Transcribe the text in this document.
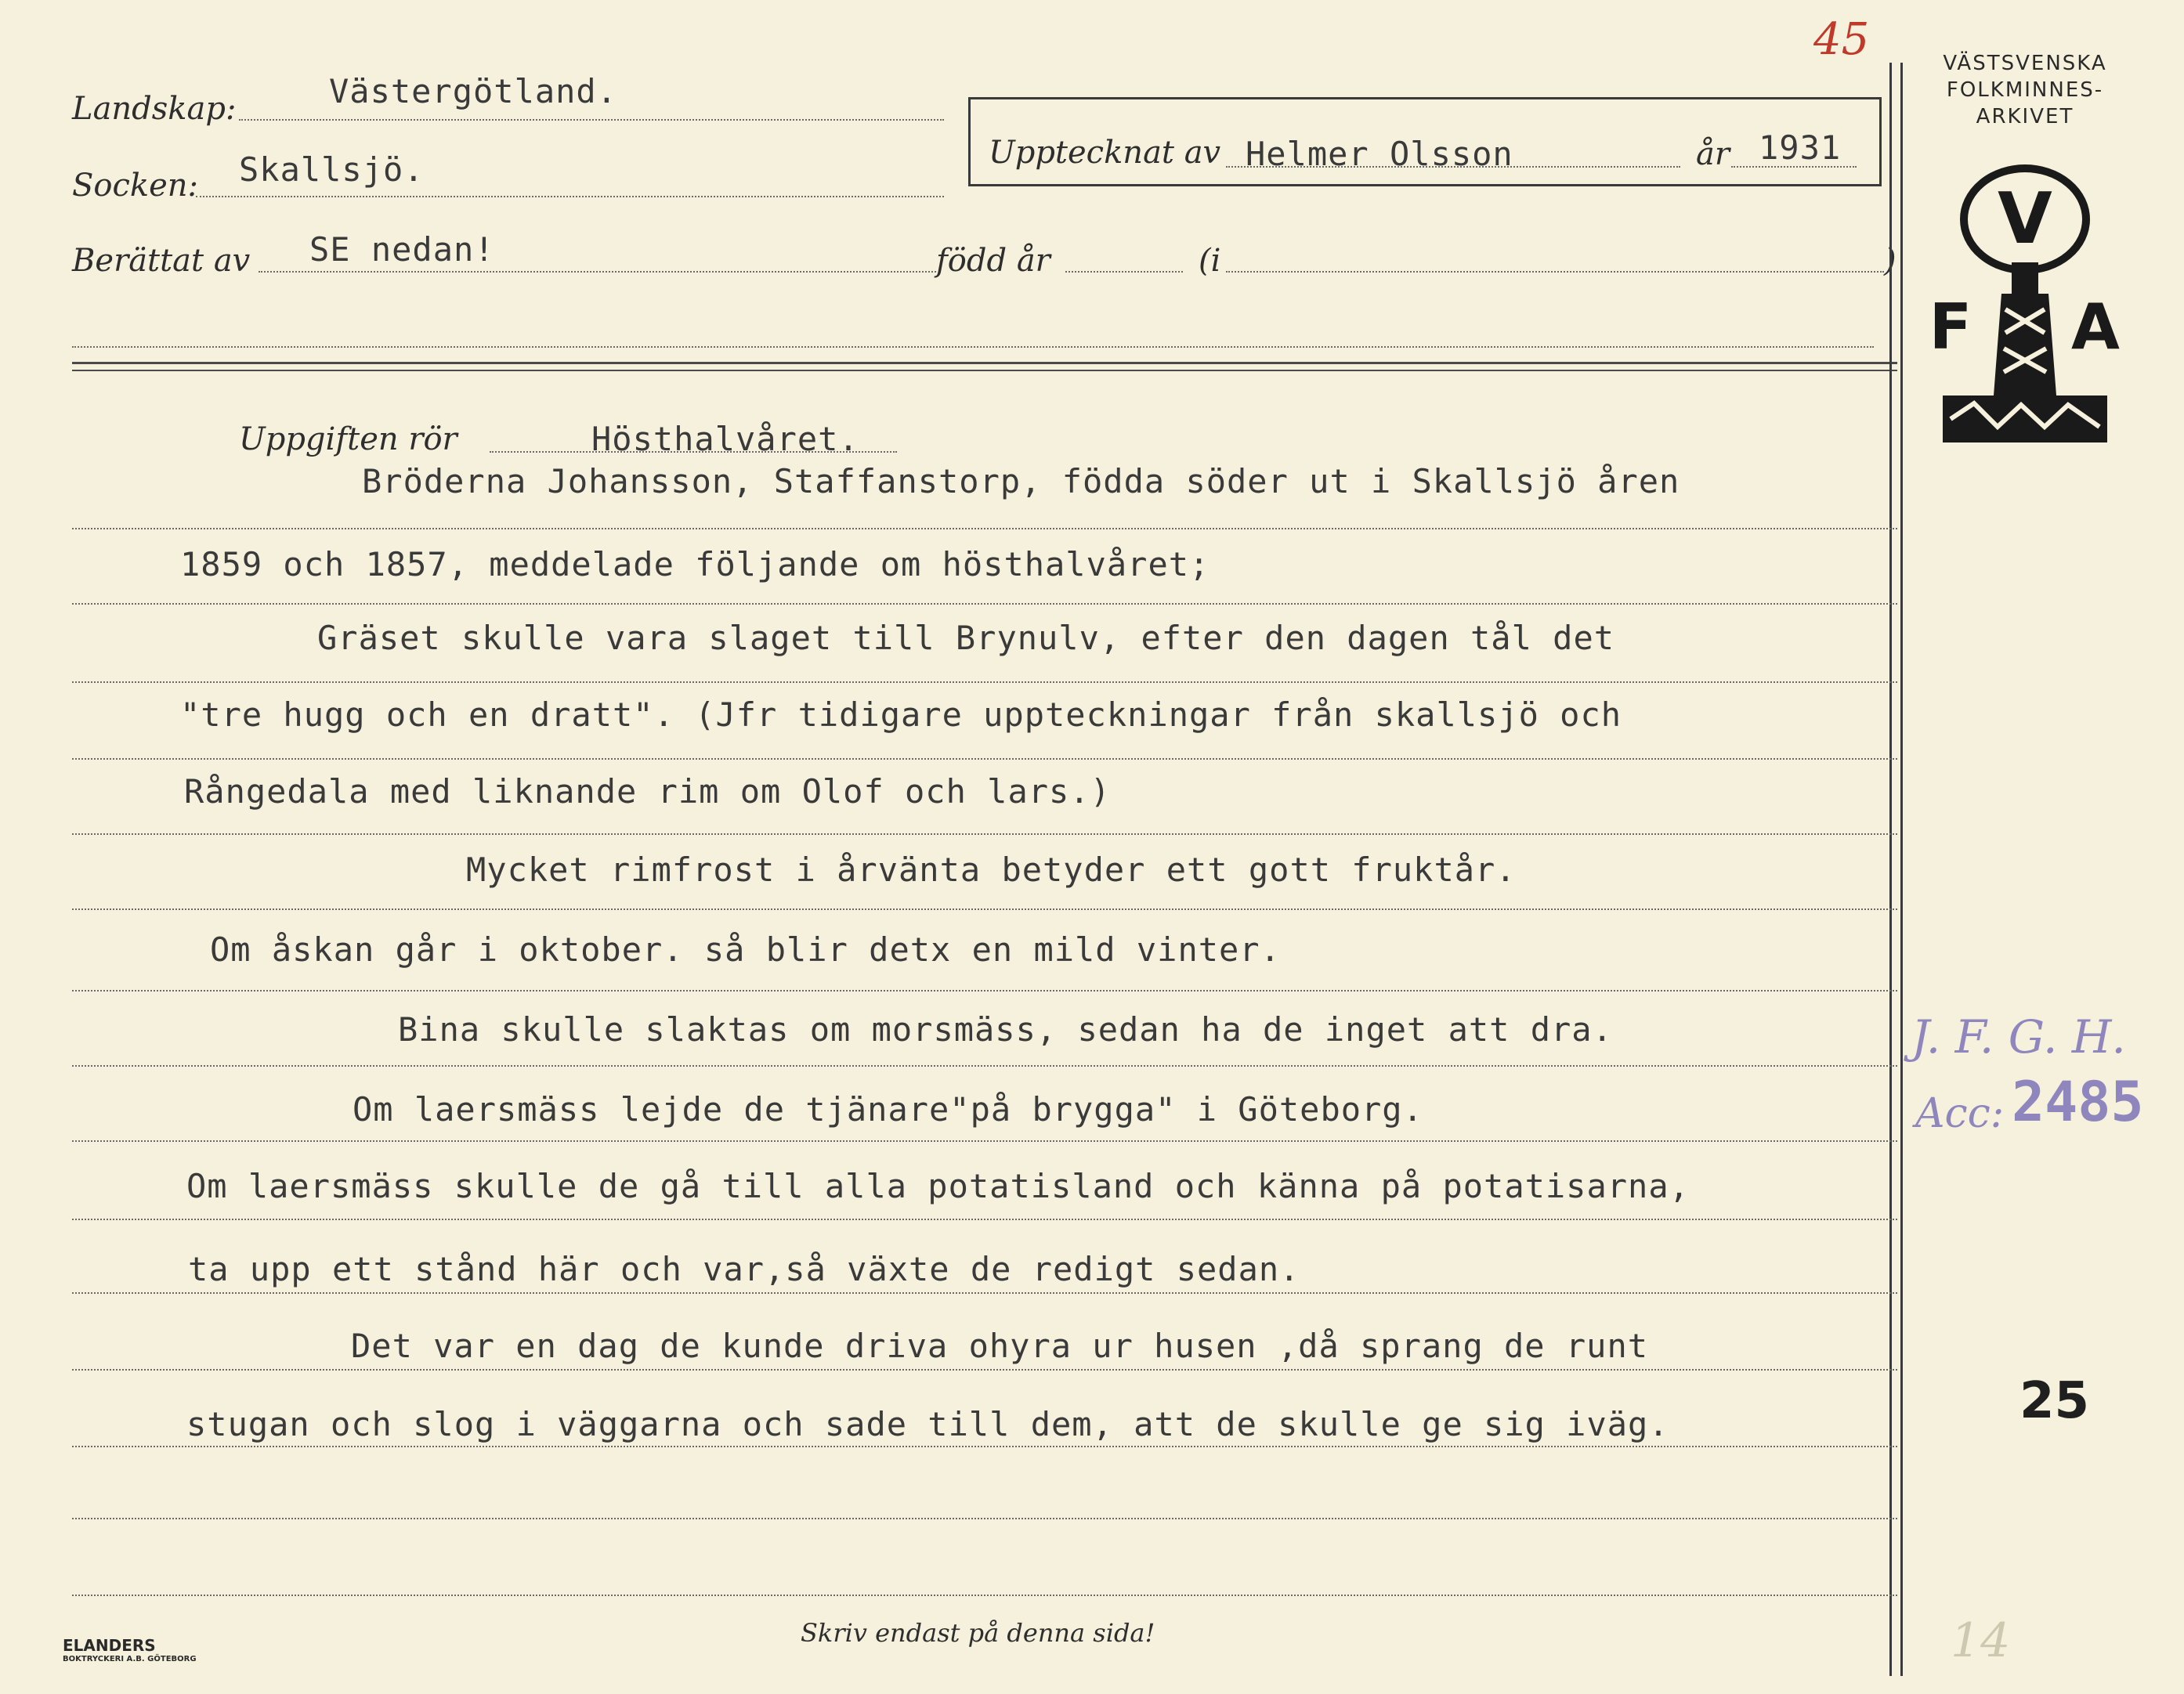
Landskap:	Västergötland.
Socken: Skallsjö.
Berättat av SE nedan!	född år	(i	)
Upptecknat av Helmer Olsson	år 1931
45	VÄSTSVENSKA
FOLKMINNES-
ARKIVET
V
F A
Uppgiften rör	Hösthalvåret.
Bröderna Johansson, Staffanstorp, födda söder ut i Skallsjö åren
1859 och 1857, meddelade följande om hösthalvåret;
Gräset skulle vara slaget till Brynulv, efter den dagen tål det
"tre hugg och en dratt". (Jfr tidigare uppteckningar från skallsjö och
Rångedala med liknande rim om Olof och lars.)
Mycket rimfrost i årvänta betyder ett gott fruktår.
Om åskan går i oktober. så blir detx en mild vinter.
Bina skulle slaktas om morsmäss, sedan ha de inget att dra.
Om laersmäss lejde de tjänare"på brygga" i Göteborg.
Om laersmäss skulle de gå till alla potatisland och känna på potatisarna,
ta upp ett stånd här och var,så växte de redigt sedan.
Det var en dag de kunde driva ohyra ur husen ,då sprang de runt
stugan och slog i väggarna och sade till dem, att de skulle ge sig iväg.
J. F. G. H.
Acc: 2485
25
ELANDERS
BOKTRYCKERI A.B. GÖTEBORG
Skriv endast på denna sida!	14
